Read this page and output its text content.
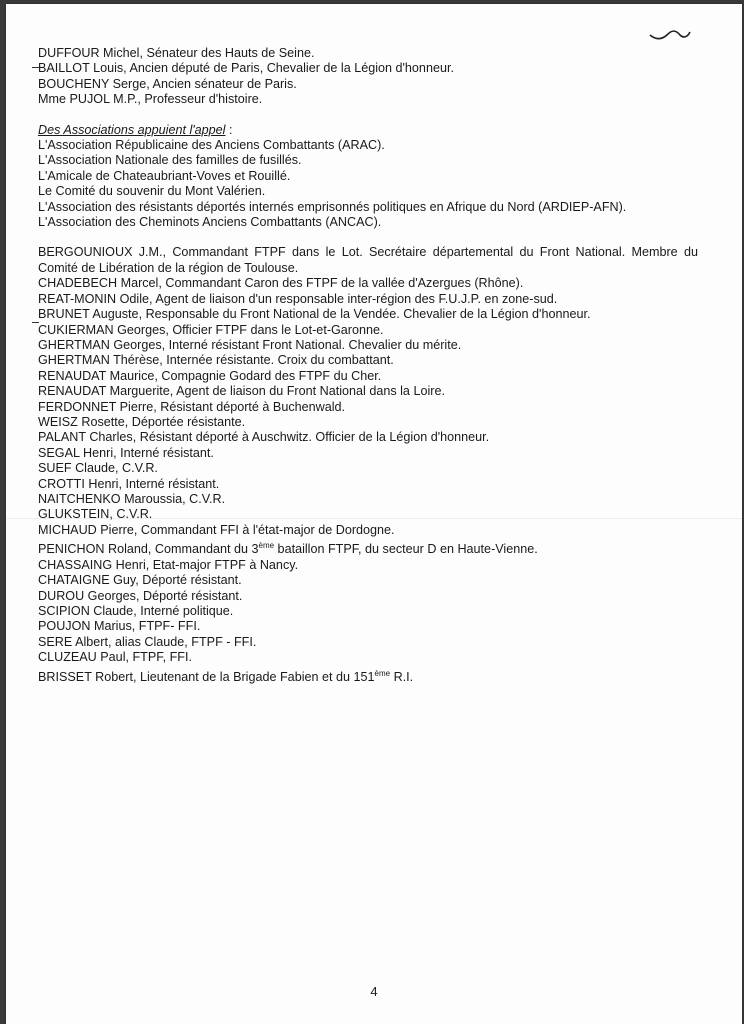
DUFFOUR Michel, Sénateur des Hauts de Seine.
BAILLOT Louis, Ancien député de Paris, Chevalier de la Légion d'honneur.
BOUCHENY Serge, Ancien sénateur de Paris.
Mme PUJOL M.P., Professeur d'histoire.
Des Associations appuient l'appel :
L'Association Républicaine des Anciens Combattants (ARAC).
L'Association Nationale des familles de fusillés.
L'Amicale de Chateaubriant-Voves et Rouillé.
Le Comité du souvenir du Mont Valérien.
L'Association des résistants déportés internés emprisonnés politiques en Afrique du Nord (ARDIEP-AFN).
L'Association des Cheminots Anciens Combattants (ANCAC).
BERGOUNIOUX J.M., Commandant FTPF dans le Lot. Secrétaire départemental du Front National. Membre du Comité de Libération de la région de Toulouse.
CHADEBECH Marcel, Commandant Caron des FTPF de la vallée d'Azergues (Rhône).
REAT-MONIN Odile, Agent de liaison d'un responsable inter-région des F.U.J.P. en zone-sud.
BRUNET Auguste, Responsable du Front National de la Vendée. Chevalier de la Légion d'honneur.
CUKIERMAN Georges, Officier FTPF dans le Lot-et-Garonne.
GHERTMAN Georges, Interné résistant Front National. Chevalier du mérite.
GHERTMAN Thérèse, Internée résistante. Croix du combattant.
RENAUDAT Maurice, Compagnie Godard des FTPF du Cher.
RENAUDAT Marguerite, Agent de liaison du Front National dans la Loire.
FERDONNET Pierre, Résistant déporté à Buchenwald.
WEISZ Rosette, Déportée résistante.
PALANT Charles, Résistant déporté à Auschwitz. Officier de la Légion d'honneur.
SEGAL Henri, Interné résistant.
SUEF Claude, C.V.R.
CROTTI Henri, Interné résistant.
NAITCHENKO Maroussia, C.V.R.
GLUKSTEIN, C.V.R.
MICHAUD Pierre, Commandant FFI à l'état-major de Dordogne.
PENICHON Roland, Commandant du 3ème bataillon FTPF, du secteur D en Haute-Vienne.
CHASSAING Henri, Etat-major FTPF à Nancy.
CHATAIGNE Guy, Déporté résistant.
DUROU Georges, Déporté résistant.
SCIPION Claude, Interné politique.
POUJON Marius, FTPF- FFI.
SERE Albert, alias Claude, FTPF - FFI.
CLUZEAU Paul, FTPF, FFI.
BRISSET Robert, Lieutenant de la Brigade Fabien et du 151ème R.I.
4
